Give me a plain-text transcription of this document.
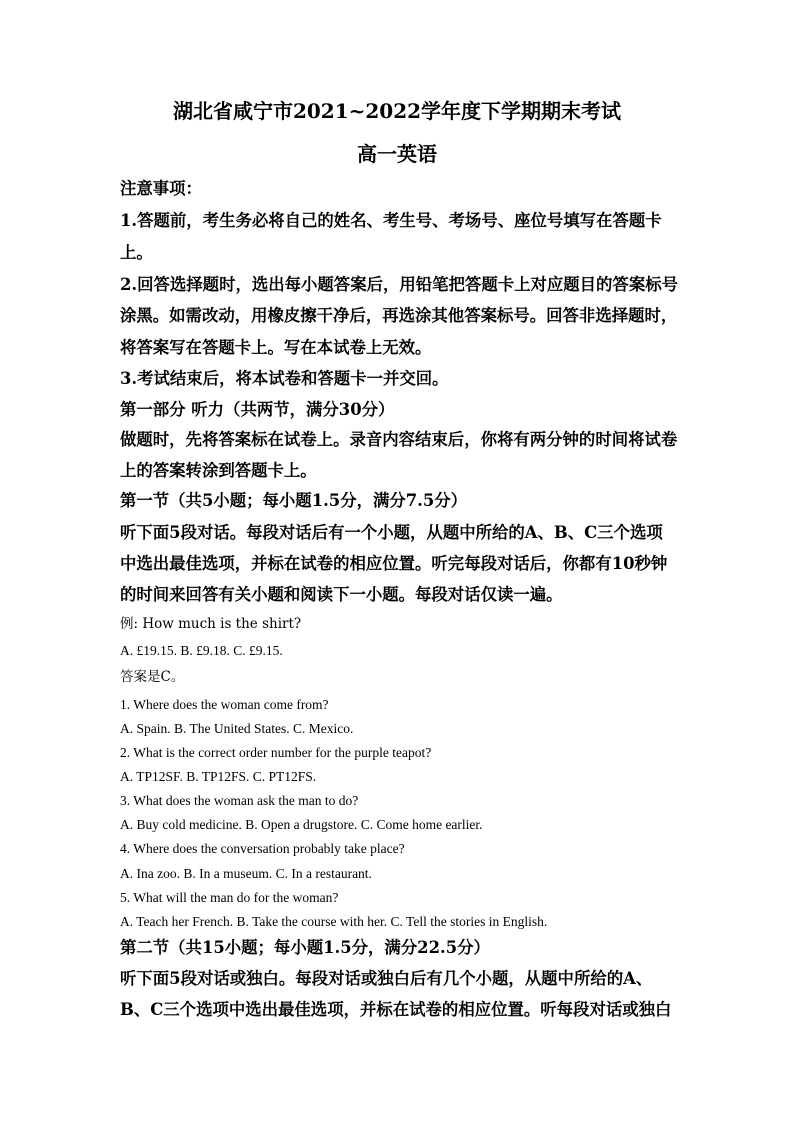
湖北省咸宁市2021~2022学年度下学期期末考试
高一英语
注意事项：
1.答题前，考生务必将自己的姓名、考生号、考场号、座位号填写在答题卡
上。
2.回答选择题时，选出每小题答案后，用铅笔把答题卡上对应题目的答案标号
涂黑。如需改动，用橡皮擦干净后，再选涂其他答案标号。回答非选择题时，
将答案写在答题卡上。写在本试卷上无效。
3.考试结束后，将本试卷和答题卡一并交回。
第一部分 听力（共两节，满分30分）
做题时，先将答案标在试卷上。录音内容结束后，你将有两分钟的时间将试卷
上的答案转涂到答题卡上。
第一节（共5小题；每小题1.5分，满分7.5分）
听下面5段对话。每段对话后有一个小题，从题中所给的A、B、C三个选项
中选出最佳选项，并标在试卷的相应位置。听完每段对话后，你都有10秒钟
的时间来回答有关小题和阅读下一小题。每段对话仅读一遍。
例: How much is the shirt?
A. £19.15. B. £9.18. C. £9.15.
答案是C。
1. Where does the woman come from?
A. Spain. B. The United States. C. Mexico.
2. What is the correct order number for the purple teapot?
A. TP12SF. B. TP12FS. C. PT12FS.
3. What does the woman ask the man to do?
A. Buy cold medicine. B. Open a drugstore. C. Come home earlier.
4. Where does the conversation probably take place?
A. Ina zoo. B. In a museum. C. In a restaurant.
5. What will the man do for the woman?
A. Teach her French. B. Take the course with her. C. Tell the stories in English.
第二节（共15小题；每小题1.5分，满分22.5分）
听下面5段对话或独白。每段对话或独白后有几个小题，从题中所给的A、
B、C三个选项中选出最佳选项，并标在试卷的相应位置。听每段对话或独白
